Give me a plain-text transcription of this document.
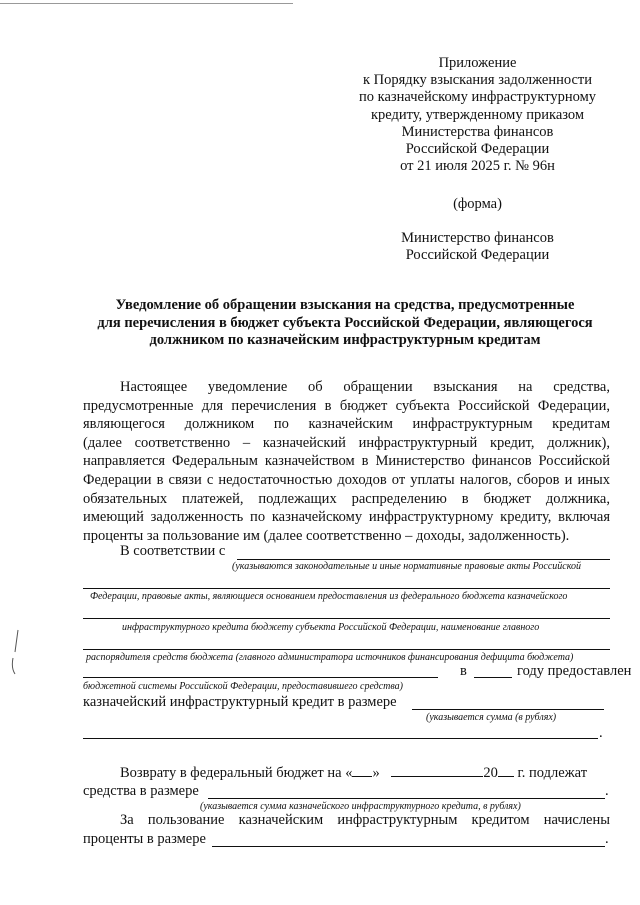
Приложение
к Порядку взыскания задолженности
по казначейскому инфраструктурному
кредиту, утвержденному приказом
Министерства финансов
Российской Федерации
от 21 июля 2025 г. № 96н
(форма)
Министерство финансов
Российской Федерации
Уведомление об обращении взыскания на средства, предусмотренные
для перечисления в бюджет субъекта Российской Федерации, являющегося
должником по казначейским инфраструктурным кредитам
Настоящее уведомление об обращении взыскания на средства,
предусмотренные для перечисления в бюджет субъекта Российской Федерации,
являющегося должником по казначейским инфраструктурным кредитам
(далее соответственно – казначейский инфраструктурный кредит, должник),
направляется Федеральным казначейством в Министерство финансов Российской
Федерации в связи с недостаточностью доходов от уплаты налогов, сборов и иных
обязательных платежей, подлежащих распределению в бюджет должника,
имеющий задолженность по казначейскому инфраструктурному кредиту, включая
проценты за пользование им (далее соответственно – доходы, задолженность).
В соответствии с
(указываются законодательные и иные нормативные правовые акты Российской
Федерации, правовые акты, являющиеся основанием предоставления из федерального бюджета казначейского
инфраструктурного кредита бюджету субъекта Российской Федерации, наименование главного
распорядителя средств бюджета (главного администратора источников финансирования дефицита бюджета)
в	году предоставлен
бюджетной системы Российской Федерации, предоставившего средства)
казначейский инфраструктурный кредит в размере
(указывается сумма (в рублях)
.
Возврату в федеральный бюджет на « »	20 г. подлежат
средства в размере	.
(указывается сумма казначейского инфраструктурного кредита, в рублях)
За пользование казначейским инфраструктурным кредитом начислены
проценты в размере	.
